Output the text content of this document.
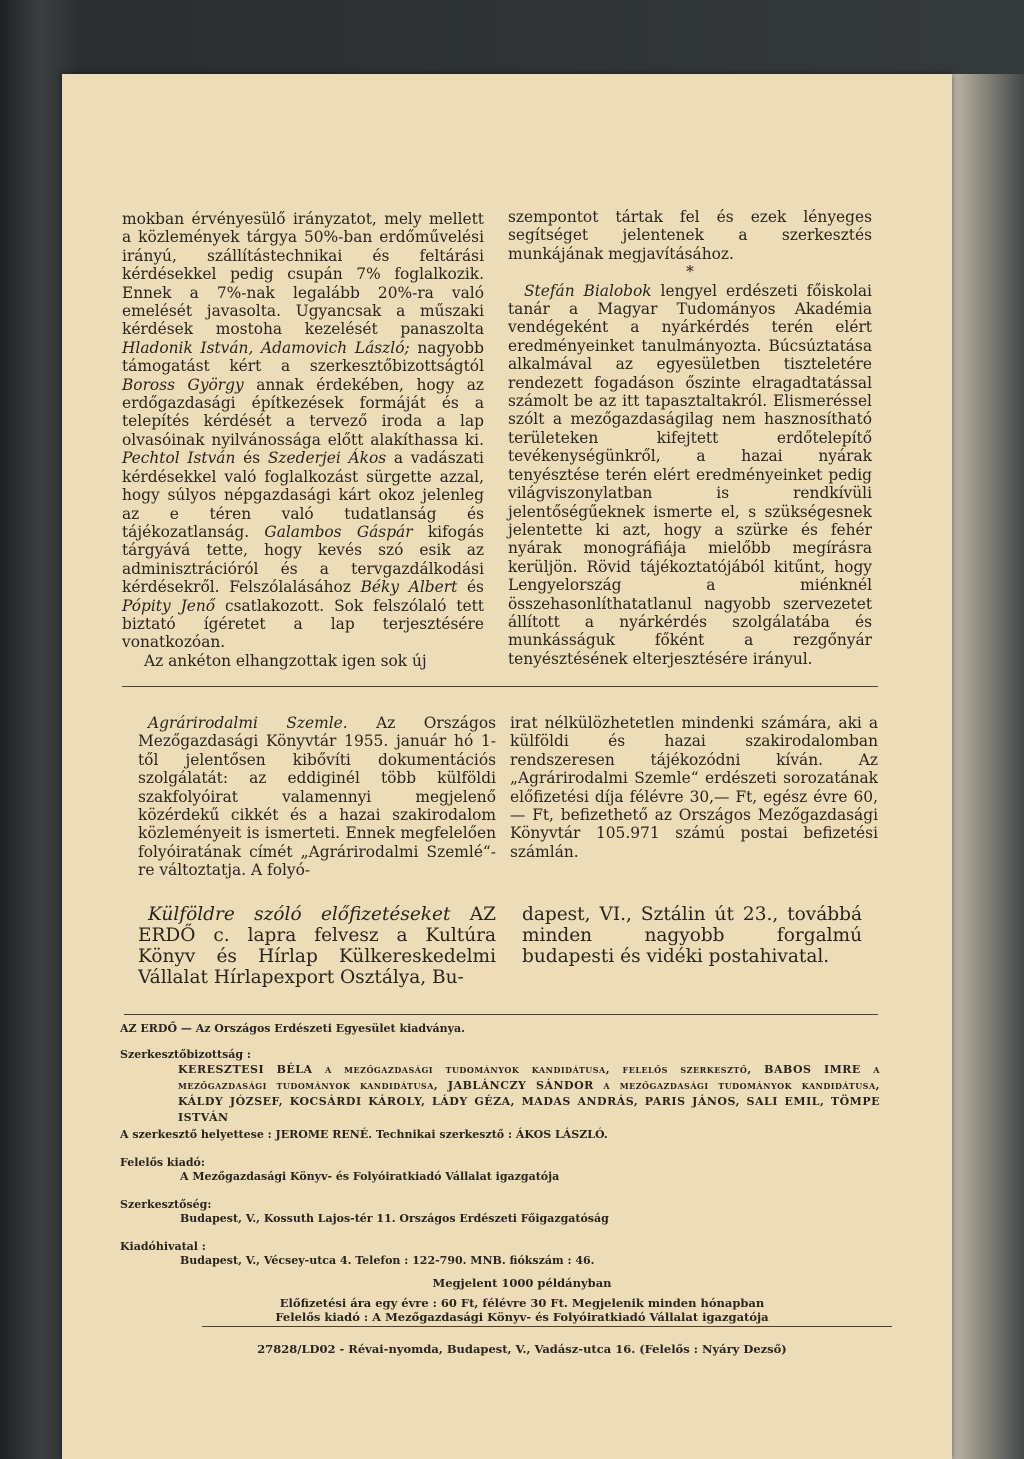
mokban érvényesülő irányzatot, mely mellett a közlemények tárgya 50%-ban erdőművelési irányú, szállítástechnikai és feltárási kérdésekkel pedig csupán 7% foglalkozik. Ennek a 7%-nak legalább 20%-ra való emelését javasolta. Ugyancsak a műszaki kérdések mostoha kezelését panaszolta Hladonik István, Adamovich László; nagyobb támogatást kért a szerkesztőbizottságtól Boross György annak érdekében, hogy az erdőgazdasági építkezések formáját és a telepítés kérdését a tervező iroda a lap olvasóinak nyilvánossága előtt alakíthassa ki. Pechtol István és Szederjei Ákos a vadászati kérdésekkel való foglalkozást sürgette azzal, hogy súlyos népgazdasági kárt okoz jelenleg az e téren való tudatlanság és tájékozatlanság. Galambos Gáspár kifogás tárgyává tette, hogy kevés szó esik az adminisztrációról és a tervgazdálkodási kérdésekről. Felszólalásához Béky Albert és Pópity Jenő csatlakozott. Sok felszólaló tett biztató ígéretet a lap terjesztésére vonatkozóan.
Az ankéton elhangzottak igen sok új

szempontot tártak fel és ezek lényeges segítséget jelentenek a szerkesztés munkájának megjavításához.

*

Stefán Bialobok lengyel erdészeti főiskolai tanár a Magyar Tudományos Akadémia vendégeként a nyárkérdés terén elért eredményeinket tanulmányozta. Búcsúztatása alkalmával az egyesületben tiszteletére rendezett fogadáson őszinte elragadtatással számolt be az itt tapasztaltakról. Elismeréssel szólt a mezőgazdaságilag nem hasznosítható területeken kifejtett erdőtelepítő tevékenységünkről, a hazai nyárak tenyésztése terén elért eredményeinket pedig világviszonylatban is rendkívüli jelentőségűeknek ismerte el, s szükségesnek jelentette ki azt, hogy a szürke és fehér nyárak monográfiája mielőbb megírásra kerüljön. Rövid tájékoztatójából kitűnt, hogy Lengyelország a miénknél összehasonlíthatatlanul nagyobb szervezetet állított a nyárkérdés szolgálatába és munkásságuk főként a rezgőnyár tenyésztésének elterjesztésére irányul.

Agrárirodalmi Szemle. Az Országos Mezőgazdasági Könyvtár 1955. január hó 1-től jelentősen kibővíti dokumentációs szolgálatát: az eddiginél több külföldi szakfolyóirat valamennyi megjelenő közérdekű cikkét és a hazai szakirodalom közleményeit is ismerteti. Ennek megfelelően folyóiratának címét „Agrárirodalmi Szemlé“-re változtatja. A folyó-

irat nélkülözhetetlen mindenki számára, aki a külföldi és hazai szakirodalomban rendszeresen tájékozódni kíván. Az „Agrárirodalmi Szemle“ erdészeti sorozatának előfizetési díja félévre 30,— Ft, egész évre 60,— Ft, befizethető az Országos Mezőgazdasági Könyvtár 105.971 számú postai befizetési számlán.

Külföldre szóló előfizetéseket AZ ERDŐ c. lapra felvesz a Kultúra Könyv és Hírlap Külkereskedelmi Vállalat Hírlapexport Osztálya, Bu-

dapest, VI., Sztálin út 23., továbbá minden nagyobb forgalmú budapesti és vidéki postahivatal.

AZ ERDŐ — Az Országos Erdészeti Egyesület kiadványa.
Szerkesztőbizottság :
KERESZTESI BÉLA a mezőgazdasági tudományok kandidátusa, felelős szerkesztő, BABOS IMRE a mezőgazdasági tudományok kandidátusa, JABLÁNCZY SÁNDOR a mezőgazdasági tudományok kandidátusa, KÁLDY JÓZSEF, KOCSÁRDI KÁROLY, LÁDY GÉZA, MADAS ANDRÁS, PARIS JÁNOS, SALI EMIL, TÖMPE ISTVÁN
A szerkesztő helyettese : JEROME RENÉ. Technikai szerkesztő : ÁKOS LÁSZLÓ.
Felelős kiadó:
A Mezőgazdasági Könyv- és Folyóiratkiadó Vállalat igazgatója
Szerkesztőség:
Budapest, V., Kossuth Lajos-tér 11. Országos Erdészeti Főigazgatóság
Kiadóhivatal :
Budapest, V., Vécsey-utca 4. Telefon : 122-790. MNB. fiókszám : 46.
Megjelent 1000 példányban
Előfizetési ára egy évre : 60 Ft, félévre 30 Ft. Megjelenik minden hónapban
Felelős kiadó : A Mezőgazdasági Könyv- és Folyóiratkiadó Vállalat igazgatója
27828/LD02 - Révai-nyomda, Budapest, V., Vadász-utca 16. (Felelős : Nyáry Dezső)
